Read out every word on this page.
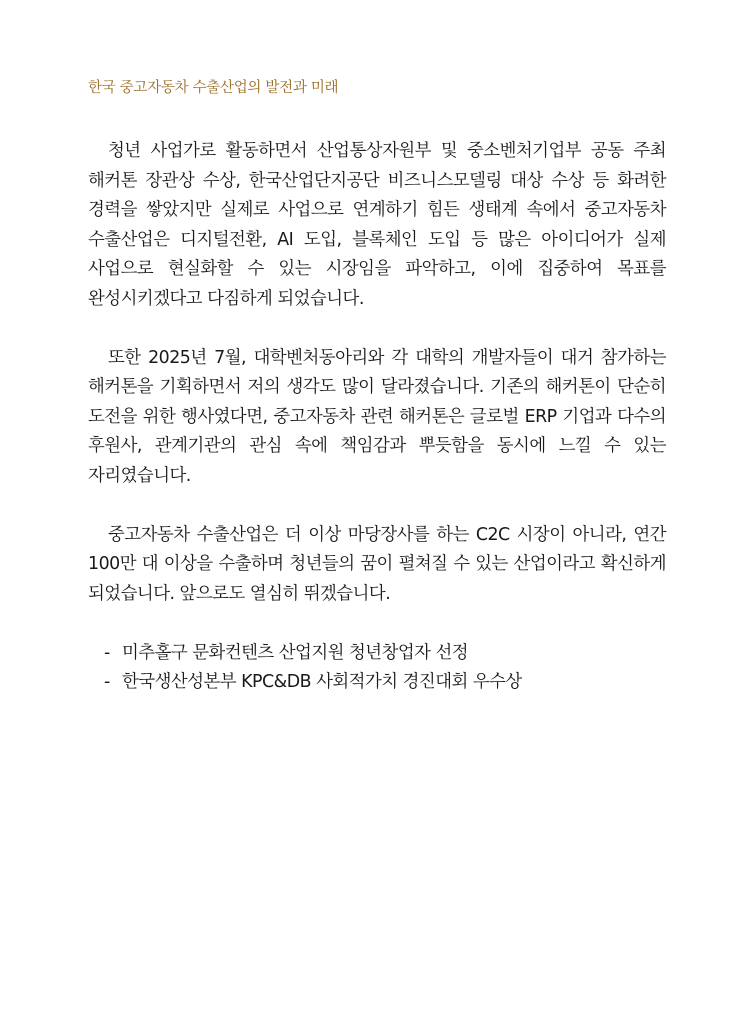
한국 중고자동차 수출산업의 발전과 미래

청년 사업가로 활동하면서 산업통상자원부 및 중소벤처기업부 공동 주최 해커톤 장관상 수상, 한국산업단지공단 비즈니스모델링 대상 수상 등 화려한 경력을 쌓았지만 실제로 사업으로 연계하기 힘든 생태계 속에서 중고자동차 수출산업은 디지털전환, AI 도입, 블록체인 도입 등 많은 아이디어가 실제 사업으로 현실화할 수 있는 시장임을 파악하고, 이에 집중하여 목표를 완성시키겠다고 다짐하게 되었습니다.

또한 2025년 7월, 대학벤처동아리와 각 대학의 개발자들이 대거 참가하는 해커톤을 기획하면서 저의 생각도 많이 달라졌습니다. 기존의 해커톤이 단순히 도전을 위한 행사였다면, 중고자동차 관련 해커톤은 글로벌 ERP 기업과 다수의 후원사, 관계기관의 관심 속에 책임감과 뿌듯함을 동시에 느낄 수 있는 자리였습니다.

중고자동차 수출산업은 더 이상 마당장사를 하는 C2C 시장이 아니라, 연간 100만 대 이상을 수출하며 청년들의 꿈이 펼쳐질 수 있는 산업이라고 확신하게 되었습니다. 앞으로도 열심히 뛰겠습니다.

- 미추홀구 문화컨텐츠 산업지원 청년창업자 선정
- 한국생산성본부 KPC&DB 사회적가치 경진대회 우수상
